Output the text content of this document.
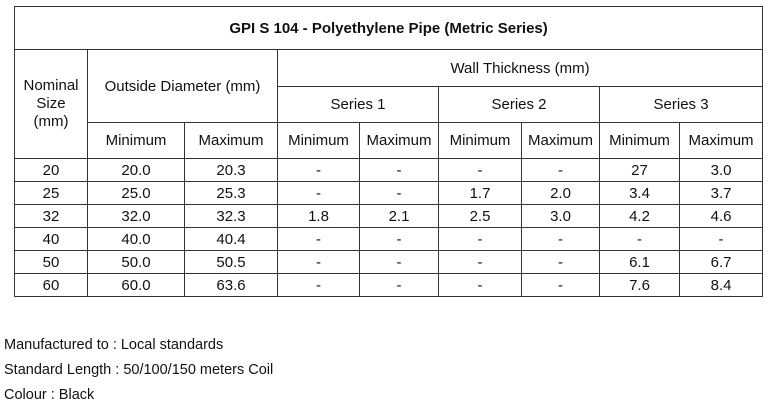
GPI S 104 - Polyethylene Pipe (Metric Series)								

Nominal
Size
(mm)	Outside Diameter (mm)		Wall Thickness (mm)					
			Series 1		Series 2		Series 3	
	Minimum	Maximum	Minimum	Maximum	Minimum	Maximum	Minimum	Maximum
20	20.0	20.3	-	-	-	-	27	3.0
25	25.0	25.3	-	-	1.7	2.0	3.4	3.7
32	32.0	32.3	1.8	2.1	2.5	3.0	4.2	4.6
40	40.0	40.4	-	-	-	-	-	-
50	50.0	50.5	-	-	-	-	6.1	6.7
60	60.0	63.6	-	-	-	-	7.6	8.4
Manufactured to : Local standards
Standard Length : 50/100/150 meters Coil
Colour : Black
